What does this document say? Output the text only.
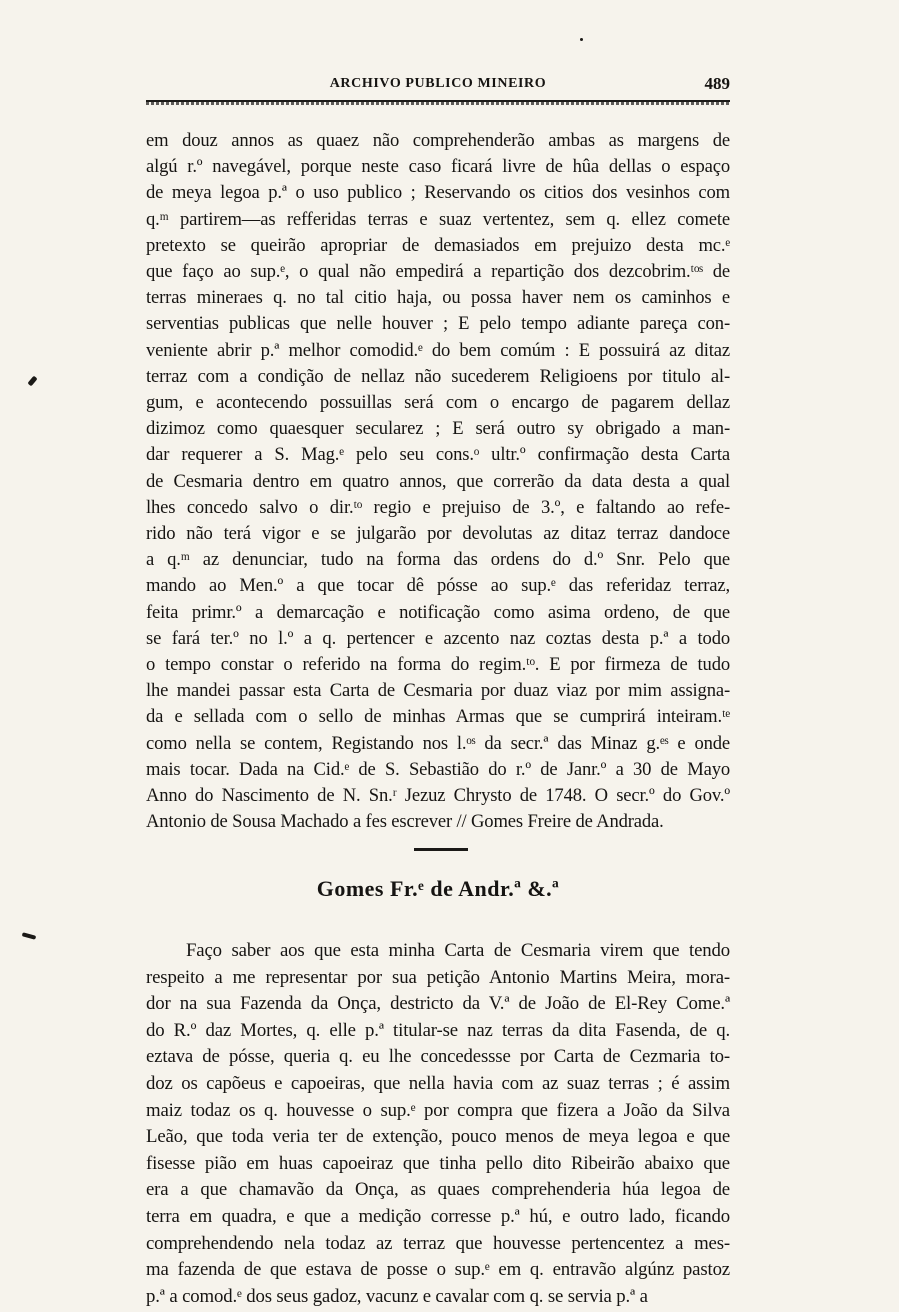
ARCHIVO PUBLICO MINEIRO	489
em douz annos as quaez não comprehenderão ambas as margens de
algú r.º navegável, porque neste caso ficará livre de hûa dellas o espaço
de meya legoa p.ª o uso publico ; Reservando os citios dos vesinhos com
q.ᵐ partirem—as refferidas terras e suaz vertentez, sem q. ellez comete
pretexto se queirão apropriar de demasiados em prejuizo desta mc.ᵉ
que faço ao sup.ᵉ, o qual não empedirá a repartição dos dezcobrim.ᵗᵒˢ de
terras mineraes q. no tal citio haja, ou possa haver nem os caminhos e
serventias publicas que nelle houver ; E pelo tempo adiante pareça con-
veniente abrir p.ª melhor comodid.ᵉ do bem comúm : E possuirá az ditaz
terraz com a condição de nellaz não sucederem Religioens por titulo al-
gum, e acontecendo possuillas será com o encargo de pagarem dellaz
dizimoz como quaesquer secularez ; E será outro sy obrigado a man-
dar requerer a S. Mag.ᵉ pelo seu cons.ᵒ ultr.º confirmação desta Carta
de Cesmaria dentro em quatro annos, que correrão da data desta a qual
lhes concedo salvo o dir.ᵗᵒ regio e prejuiso de 3.º, e faltando ao refe-
rido não terá vigor e se julgarão por devolutas az ditaz terraz dandoce
a q.ᵐ az denunciar, tudo na forma das ordens do d.º Snr. Pelo que
mando ao Men.º a que tocar dê pósse ao sup.ᵉ das referidaz terraz,
feita primr.º a demarcação e notificação como asima ordeno, de que
se fará ter.º no l.º a q. pertencer e azcento naz coztas desta p.ª a todo
o tempo constar o referido na forma do regim.ᵗᵒ. E por firmeza de tudo
lhe mandei passar esta Carta de Cesmaria por duaz viaz por mim assigna-
da e sellada com o sello de minhas Armas que se cumprirá inteiram.ᵗᵉ
como nella se contem, Registando nos l.ᵒˢ da secr.ª das Minaz g.ᵉˢ e onde
mais tocar. Dada na Cid.ᵉ de S. Sebastião do r.º de Janr.º a 30 de Mayo
Anno do Nascimento de N. Sn.ʳ Jezuz Chrysto de 1748. O secr.º do Gov.º
Antonio de Sousa Machado a fes escrever // Gomes Freire de Andrada.
Gomes Fr.ᵉ de Andr.ª &.ª
Faço saber aos que esta minha Carta de Cesmaria virem que tendo
respeito a me representar por sua petição Antonio Martins Meira, mora-
dor na sua Fazenda da Onça, destricto da V.ª de João de El-Rey Come.ª
do R.º daz Mortes, q. elle p.ª titular-se naz terras da dita Fasenda, de q.
eztava de pósse, queria q. eu lhe concedessse por Carta de Cezmaria to-
doz os capõeus e capoeiras, que nella havia com az suaz terras ; é assim
maiz todaz os q. houvesse o sup.ᵉ por compra que fizera a João da Silva
Leão, que toda veria ter de extenção, pouco menos de meya legoa e que
fisesse pião em huas capoeiraz que tinha pello dito Ribeirão abaixo que
era a que chamavão da Onça, as quaes comprehenderia húa legoa de
terra em quadra, e que a medição corresse p.ª hú, e outro lado, ficando
comprehendendo nela todaz az terraz que houvesse pertencentez a mes-
ma fazenda de que estava de posse o sup.ᵉ em q. entravão algúnz pastoz
p.ª a comod.ᵉ dos seus gadoz, vacunz e cavalar com q. se servia p.ª a
